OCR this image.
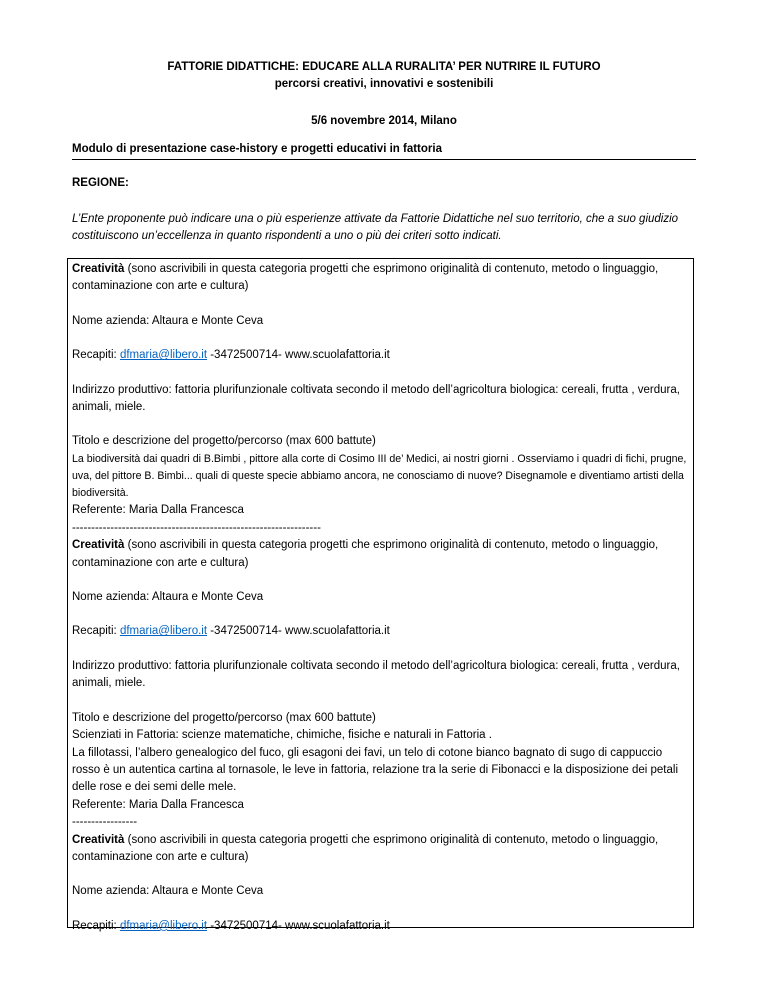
FATTORIE DIDATTICHE: EDUCARE ALLA RURALITA’ PER NUTRIRE IL FUTURO
percorsi creativi, innovativi e sostenibili
5/6 novembre 2014, Milano
Modulo di presentazione case-history e progetti educativi in fattoria
REGIONE:
L’Ente proponente può indicare una o più esperienze attivate da Fattorie Didattiche nel suo territorio, che a suo giudizio costituiscono un’eccellenza in quanto rispondenti a uno o più dei criteri sotto indicati.

Creatività (sono ascrivibili in questa categoria progetti che esprimono originalità di contenuto, metodo o linguaggio, contaminazione con arte e cultura)

Nome azienda: Altaura e Monte Ceva

Recapiti: dfmaria@libero.it -3472500714- www.scuolafattoria.it

Indirizzo produttivo: fattoria plurifunzionale coltivata secondo il metodo dell’agricoltura biologica: cereali, frutta , verdura, animali, miele.

Titolo e descrizione del progetto/percorso (max 600 battute)

La biodiversità dai quadri di B.Bimbi , pittore alla corte di Cosimo III de’ Medici, ai nostri giorni . Osserviamo i quadri di fichi, prugne, uva, del pittore B. Bimbi... quali di queste specie abbiamo ancora, ne conosciamo di nuove? Disegnamole e diventiamo artisti della biodiversità.

Referente: Maria Dalla Francesca

-----------------------------------------------------------------

Creatività (sono ascrivibili in questa categoria progetti che esprimono originalità di contenuto, metodo o linguaggio, contaminazione con arte e cultura)

Nome azienda: Altaura e Monte Ceva

Recapiti: dfmaria@libero.it -3472500714- www.scuolafattoria.it

Indirizzo produttivo: fattoria plurifunzionale coltivata secondo il metodo dell’agricoltura biologica: cereali, frutta , verdura, animali, miele.

Titolo e descrizione del progetto/percorso (max 600 battute)

Scienziati in Fattoria: scienze matematiche, chimiche, fisiche e naturali in Fattoria .

La fillotassi, l’albero genealogico del fuco, gli esagoni dei favi, un telo di cotone bianco bagnato di sugo di cappuccio rosso è un autentica cartina al tornasole, le leve in fattoria, relazione tra la serie di Fibonacci e la disposizione dei petali delle rose e dei semi delle mele.

Referente: Maria Dalla Francesca

-----------------

Creatività (sono ascrivibili in questa categoria progetti che esprimono originalità di contenuto, metodo o linguaggio, contaminazione con arte e cultura)

Nome azienda: Altaura e Monte Ceva

Recapiti: dfmaria@libero.it -3472500714- www.scuolafattoria.it
